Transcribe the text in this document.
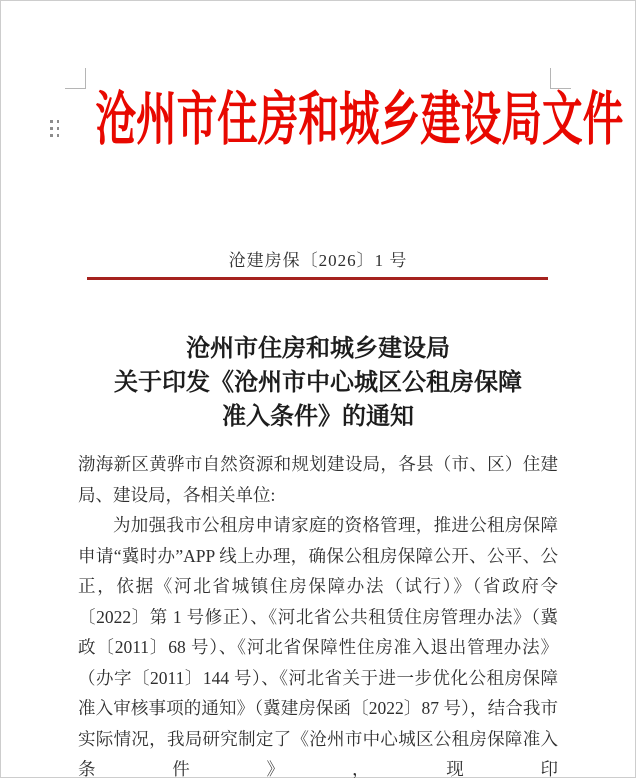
沧州市住房和城乡建设局文件
沧建房保〔2026〕1 号
沧州市住房和城乡建设局
关于印发《沧州市中心城区公租房保障
准入条件》的通知

渤海新区黄骅市自然资源和规划建设局，各县（市、区）住建局、建设局，各相关单位:

为加强我市公租房申请家庭的资格管理，推进公租房保障申请“冀时办”APP 线上办理，确保公租房保障公开、公平、公正，依据《河北省城镇住房保障办法（试行）》（省政府令〔2022〕第 1 号修正）、《河北省公共租赁住房管理办法》（冀政〔2011〕68 号）、《河北省保障性住房准入退出管理办法》（办字〔2011〕144 号）、《河北省关于进一步优化公租房保障准入审核事项的通知》（冀建房保函〔2022〕87 号），结合我市实际情况，我局研究制定了《沧州市中心城区公租房保障准入条件》，现印
